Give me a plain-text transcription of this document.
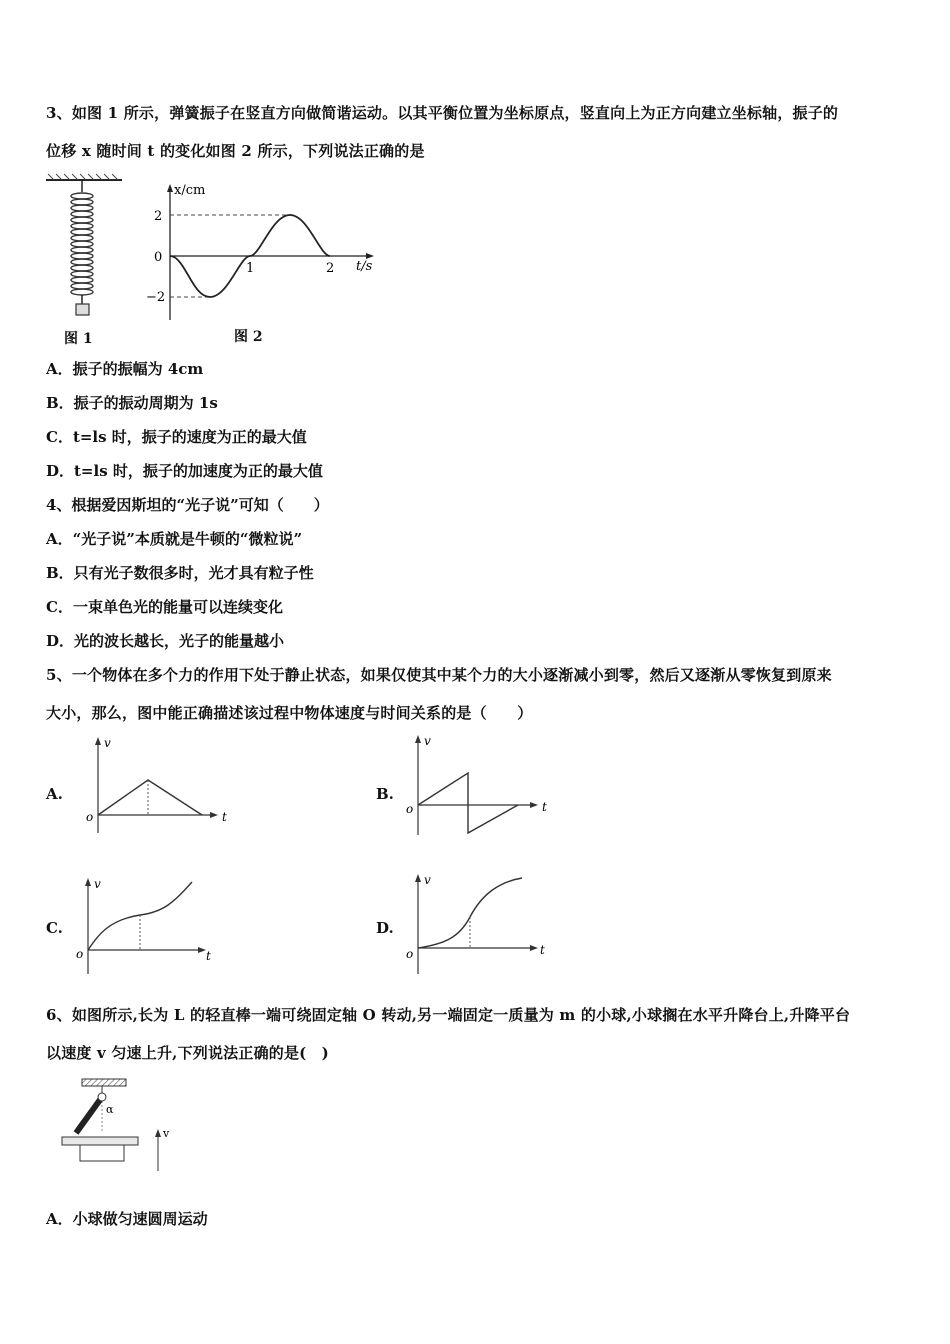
3、如图 1 所示，弹簧振子在竖直方向做简谐运动。以其平衡位置为坐标原点，竖直向上为正方向建立坐标轴，振子的
位移 x 随时间 t 的变化如图 2 所示，下列说法正确的是
图 1
x/cm
t/s
2
0
−2
1	2
图 2
A．振子的振幅为 4cm
B．振子的振动周期为 1s
C．t=ls 时，振子的速度为正的最大值
D．t=ls 时，振子的加速度为正的最大值
4、根据爱因斯坦的“光子说”可知（　　）
A．“光子说”本质就是牛顿的“微粒说”
B．只有光子数很多时，光才具有粒子性
C．一束单色光的能量可以连续变化
D．光的波长越长，光子的能量越小
5、一个物体在多个力的作用下处于静止状态，如果仅使其中某个力的大小逐渐减小到零，然后又逐渐从零恢复到原来
大小，那么，图中能正确描述该过程中物体速度与时间关系的是（　　）
A.
v
t
o
B.
v
t
o
C.
v
t
o
D.
v
t
o
6、如图所示,长为 L 的轻直棒一端可绕固定轴 O 转动,另一端固定一质量为 m 的小球,小球搁在水平升降台上,升降平台
以速度 v 匀速上升,下列说法正确的是(　)
α
v
A．小球做匀速圆周运动
